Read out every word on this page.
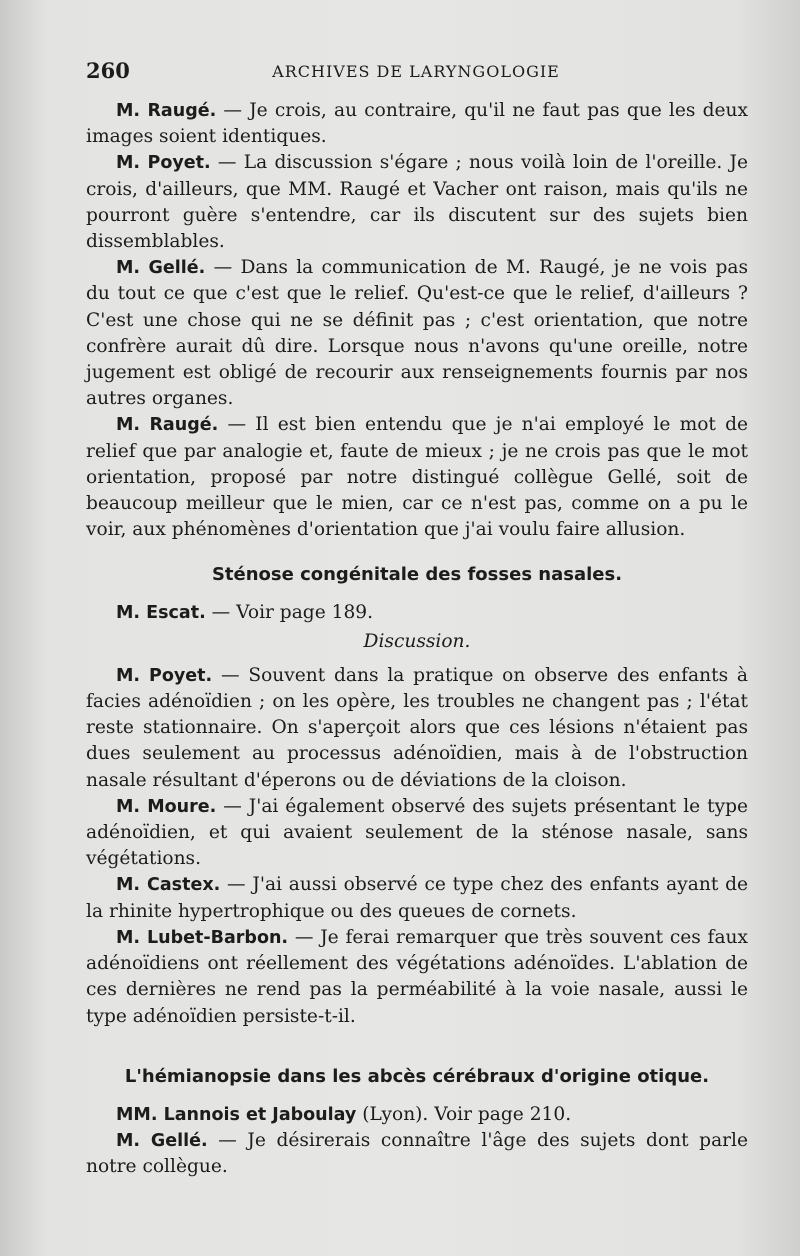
260	ARCHIVES DE LARYNGOLOGIE

M. Raugé. — Je crois, au contraire, qu'il ne faut pas que les deux images soient identiques.

M. Poyet. — La discussion s'égare ; nous voilà loin de l'oreille. Je crois, d'ailleurs, que MM. Raugé et Vacher ont raison, mais qu'ils ne pourront guère s'entendre, car ils discutent sur des sujets bien dissemblables.

M. Gellé. — Dans la communication de M. Raugé, je ne vois pas du tout ce que c'est que le relief. Qu'est-ce que le relief, d'ailleurs ? C'est une chose qui ne se définit pas ; c'est orientation, que notre confrère aurait dû dire. Lorsque nous n'avons qu'une oreille, notre jugement est obligé de recourir aux renseignements fournis par nos autres organes.

M. Raugé. — Il est bien entendu que je n'ai employé le mot de relief que par analogie et, faute de mieux ; je ne crois pas que le mot orientation, proposé par notre distingué collègue Gellé, soit de beaucoup meilleur que le mien, car ce n'est pas, comme on a pu le voir, aux phénomènes d'orientation que j'ai voulu faire allusion.

Sténose congénitale des fosses nasales.

M. Escat. — Voir page 189.

Discussion.

M. Poyet. — Souvent dans la pratique on observe des enfants à facies adénoïdien ; on les opère, les troubles ne changent pas ; l'état reste stationnaire. On s'aperçoit alors que ces lésions n'étaient pas dues seulement au processus adénoïdien, mais à de l'obstruction nasale résultant d'éperons ou de déviations de la cloison.

M. Moure. — J'ai également observé des sujets présentant le type adénoïdien, et qui avaient seulement de la sténose nasale, sans végétations.

M. Castex. — J'ai aussi observé ce type chez des enfants ayant de la rhinite hypertrophique ou des queues de cornets.

M. Lubet-Barbon. — Je ferai remarquer que très souvent ces faux adénoïdiens ont réellement des végétations adénoïdes. L'ablation de ces dernières ne rend pas la perméabilité à la voie nasale, aussi le type adénoïdien persiste-t-il.

L'hémianopsie dans les abcès cérébraux d'origine otique.

MM. Lannois et Jaboulay (Lyon). Voir page 210.

M. Gellé. — Je désirerais connaître l'âge des sujets dont parle notre collègue.
